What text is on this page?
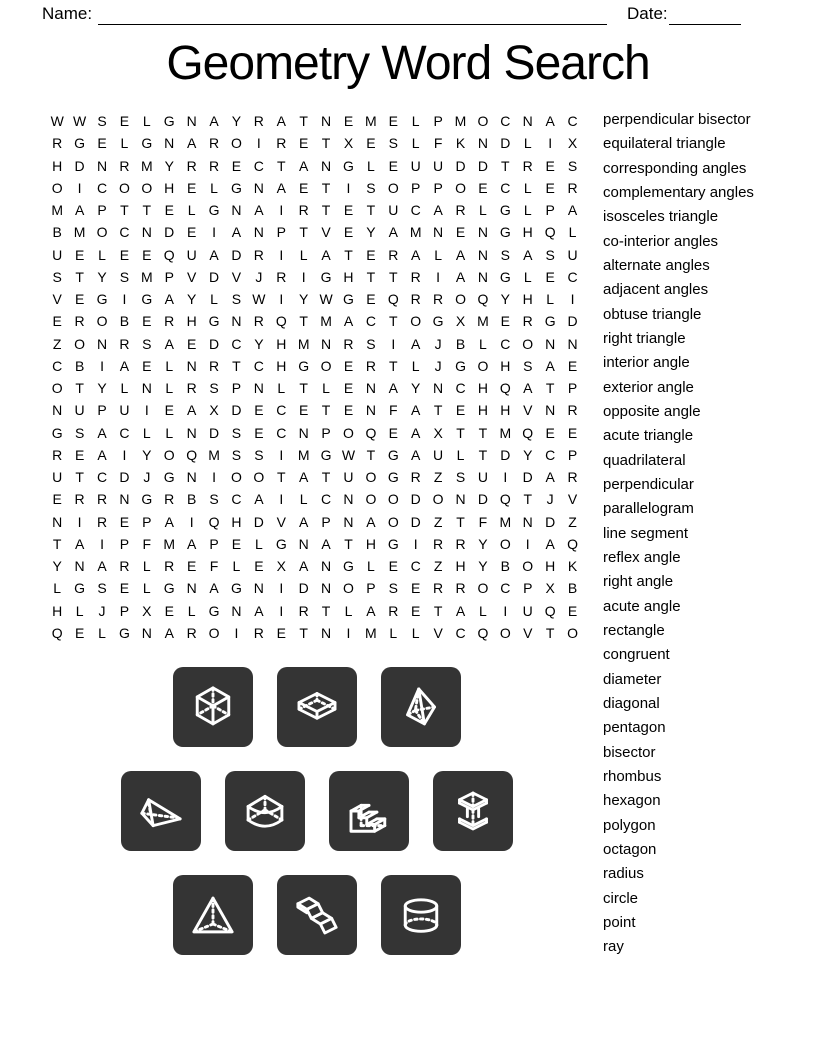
Name:	Date:
Geometry Word Search
W W S E L G N A Y R A T N E M E L P M O C N A C
R G E L G N A R O	I	R E T X E S L	F K N D L	I	X
H D N R M Y R R E C T A N G L E U U D D T R E S
O	I	C O O H E L G N A E T	I	S O P P O E C L E R
M A P T T E L G N A	I	R T E T U C A R L G L P A
B M O C N D E	I	A N P T V E Y A M N E N G H Q L
U E L E E Q U A D R	I	L A T E R A L A N S A S U
S T Y S M P V D V	J R	I	G H T T R	I	A N G L E C
V E G	I	G A Y L S W I	Y W G E Q R R O Q Y H L	I
E R O B E R H G N R Q T M A C T O G X M E R G D
Z O N R S A E D C Y H M N R S	I	A	J	B L C O N N
C B	I	A E L N R T C H G O E R T	L	J G O H S A E
O T Y L N L R S P N L	T	L E N A Y N C H Q A T P
N U P U	I	E A X D E C E T E N F A T E H H V N R
G S A C L	L N D S E C N P O Q E A X T T M Q E E
R E A	I	Y O Q M S S	I	M G W T G A U L	T D Y C P
U T C D J G N	I	O O T A T U O G R Z S U	I	D A R
E R R N G R B S C A	I	L C N O O D O N D Q T	J	V
N	I	R E P A	I	Q H D V A P N A O D Z T F M N D Z
T A	I	P F M A P E L G N A T H G	I	R R Y O	I	A Q
Y N A R L R E F	L E X A N G L E C Z H Y B O H K
L G S E L G N A G N	I	D N O P S E R R O C P X B
H L	J	P X E L G N A	I	R T	L A R E T A L	I	U Q E
Q E L G N A R O	I	R E T N	I	M L	L V C Q O V T O
perpendicular bisector
equilateral triangle
corresponding angles
complementary angles
isosceles triangle
co-interior angles
alternate angles
adjacent angles
obtuse triangle
right triangle
interior angle
exterior angle
opposite angle
acute triangle
quadrilateral
perpendicular
parallelogram
line segment
reflex angle
right angle
acute angle
rectangle
congruent
diameter
diagonal
pentagon
bisector
rhombus
hexagon
polygon
octagon
radius
circle
point
ray
